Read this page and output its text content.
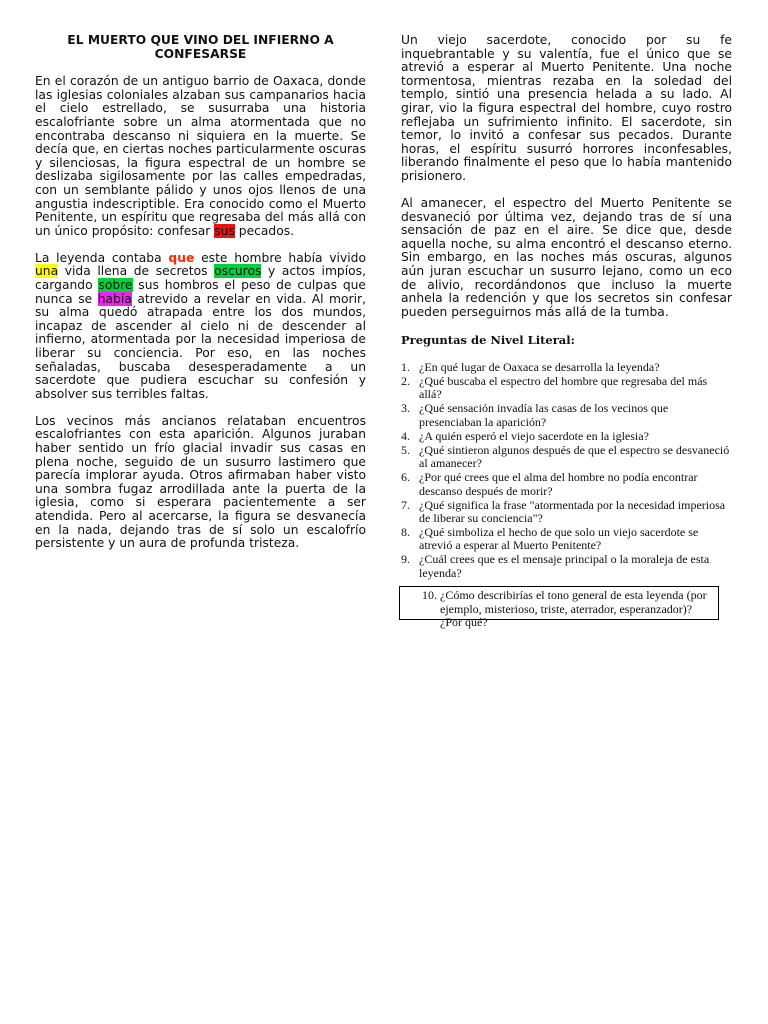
EL MUERTO QUE VINO DEL INFIERNO A CONFESARSE

En el corazón de un antiguo barrio de Oaxaca, donde las iglesias coloniales alzaban sus campanarios hacia el cielo estrellado, se susurraba una historia escalofriante sobre un alma atormentada que no encontraba descanso ni siquiera en la muerte. Se decía que, en ciertas noches particularmente oscuras y silenciosas, la figura espectral de un hombre se deslizaba sigilosamente por las calles empedradas, con un semblante pálido y unos ojos llenos de una angustia indescriptible. Era conocido como el Muerto Penitente, un espíritu que regresaba del más allá con un único propósito: confesar sus pecados.

La leyenda contaba que este hombre había vivido una vida llena de secretos oscuros y actos impíos, cargando sobre sus hombros el peso de culpas que nunca se había atrevido a revelar en vida. Al morir, su alma quedó atrapada entre los dos mundos, incapaz de ascender al cielo ni de descender al infierno, atormentada por la necesidad imperiosa de liberar su conciencia. Por eso, en las noches señaladas, buscaba desesperadamente a un sacerdote que pudiera escuchar su confesión y absolver sus terribles faltas.

Los vecinos más ancianos relataban encuentros escalofriantes con esta aparición. Algunos juraban haber sentido un frío glacial invadir sus casas en plena noche, seguido de un susurro lastimero que parecía implorar ayuda. Otros afirmaban haber visto una sombra fugaz arrodillada ante la puerta de la iglesia, como si esperara pacientemente a ser atendida. Pero al acercarse, la figura se desvanecía en la nada, dejando tras de sí solo un escalofrío persistente y un aura de profunda tristeza.

Un viejo sacerdote, conocido por su fe inquebrantable y su valentía, fue el único que se atrevió a esperar al Muerto Penitente. Una noche tormentosa, mientras rezaba en la soledad del templo, sintió una presencia helada a su lado. Al girar, vio la figura espectral del hombre, cuyo rostro reflejaba un sufrimiento infinito. El sacerdote, sin temor, lo invitó a confesar sus pecados. Durante horas, el espíritu susurró horrores inconfesables, liberando finalmente el peso que lo había mantenido prisionero.

Al amanecer, el espectro del Muerto Penitente se desvaneció por última vez, dejando tras de sí una sensación de paz en el aire. Se dice que, desde aquella noche, su alma encontró el descanso eterno. Sin embargo, en las noches más oscuras, algunos aún juran escuchar un susurro lejano, como un eco de alivio, recordándonos que incluso la muerte anhela la redención y que los secretos sin confesar pueden perseguirnos más allá de la tumba.

Preguntas de Nivel Literal:
1. ¿En qué lugar de Oaxaca se desarrolla la leyenda?
2. ¿Qué buscaba el espectro del hombre que regresaba del más allá?
3. ¿Qué sensación invadía las casas de los vecinos que presenciaban la aparición?
4. ¿A quién esperó el viejo sacerdote en la iglesia?
5. ¿Qué sintieron algunos después de que el espectro se desvaneció al amanecer?
6. ¿Por qué crees que el alma del hombre no podía encontrar descanso después de morir?
7. ¿Qué significa la frase "atormentada por la necesidad imperiosa de liberar su conciencia"?
8. ¿Qué simboliza el hecho de que solo un viejo sacerdote se atrevió a esperar al Muerto Penitente?
9. ¿Cuál crees que es el mensaje principal o la moraleja de esta leyenda?
10. ¿Cómo describirías el tono general de esta leyenda (por ejemplo, misterioso, triste, aterrador, esperanzador)? ¿Por qué?
